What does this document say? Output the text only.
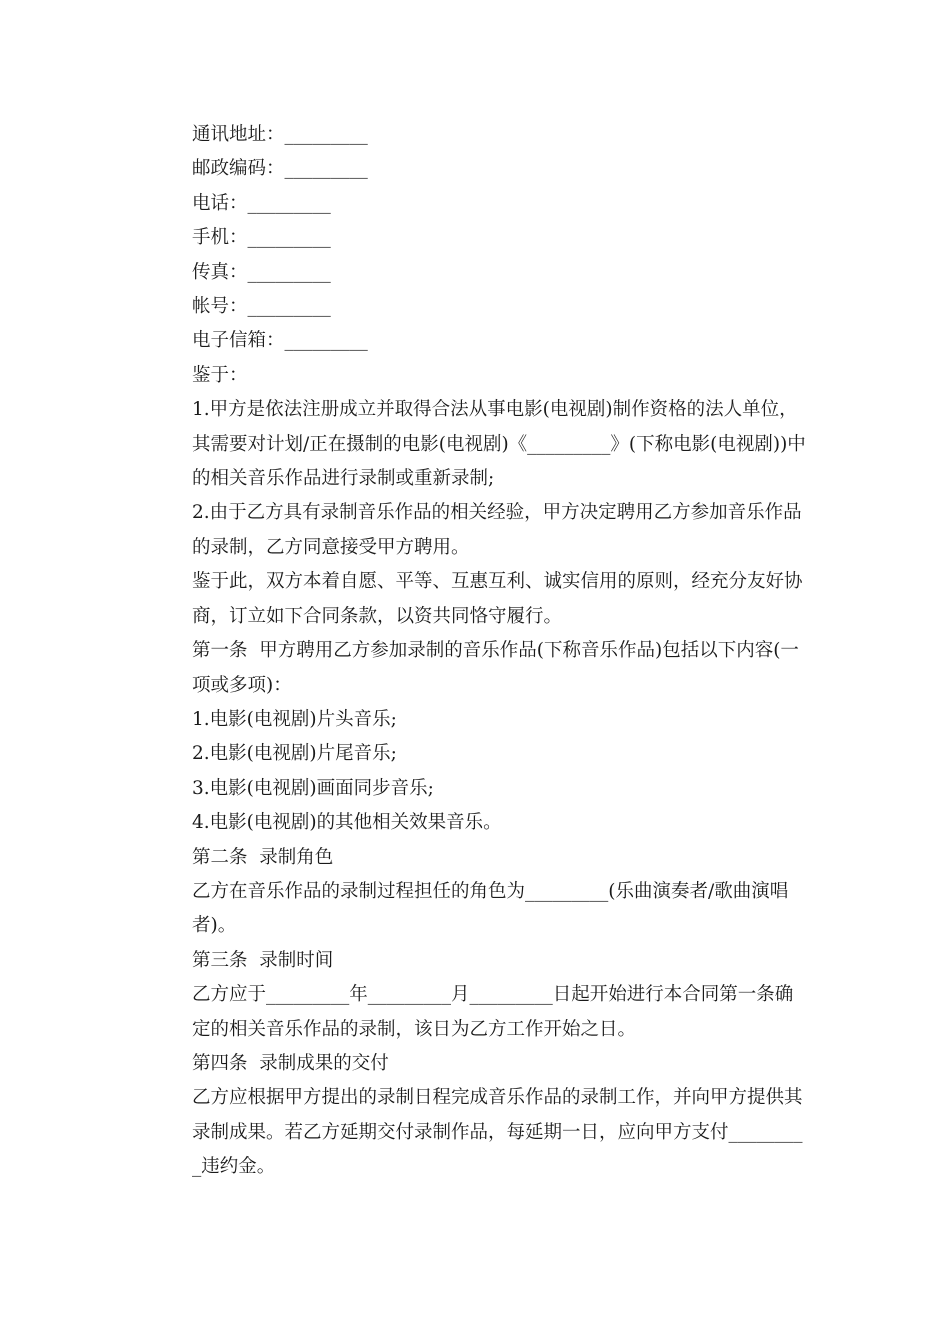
通讯地址：_________

邮政编码：_________

电话：_________

手机：_________

传真：_________

帐号：_________

电子信箱：_________

鉴于：

1.甲方是依法注册成立并取得合法从事电影(电视剧)制作资格的法人单位，其需要对计划/正在摄制的电影(电视剧)《_________》(下称电影(电视剧))中的相关音乐作品进行录制或重新录制;

2.由于乙方具有录制音乐作品的相关经验，甲方决定聘用乙方参加音乐作品的录制，乙方同意接受甲方聘用。

鉴于此，双方本着自愿、平等、互惠互利、诚实信用的原则，经充分友好协商，订立如下合同条款，以资共同恪守履行。

第一条  甲方聘用乙方参加录制的音乐作品(下称音乐作品)包括以下内容(一项或多项)：

1.电影(电视剧)片头音乐;

2.电影(电视剧)片尾音乐;

3.电影(电视剧)画面同步音乐;

4.电影(电视剧)的其他相关效果音乐。

第二条  录制角色

乙方在音乐作品的录制过程担任的角色为_________(乐曲演奏者/歌曲演唱者)。

第三条  录制时间

乙方应于_________年_________月_________日起开始进行本合同第一条确定的相关音乐作品的录制，该日为乙方工作开始之日。

第四条  录制成果的交付

乙方应根据甲方提出的录制日程完成音乐作品的录制工作，并向甲方提供其录制成果。若乙方延期交付录制作品，每延期一日，应向甲方支付_________违约金。
